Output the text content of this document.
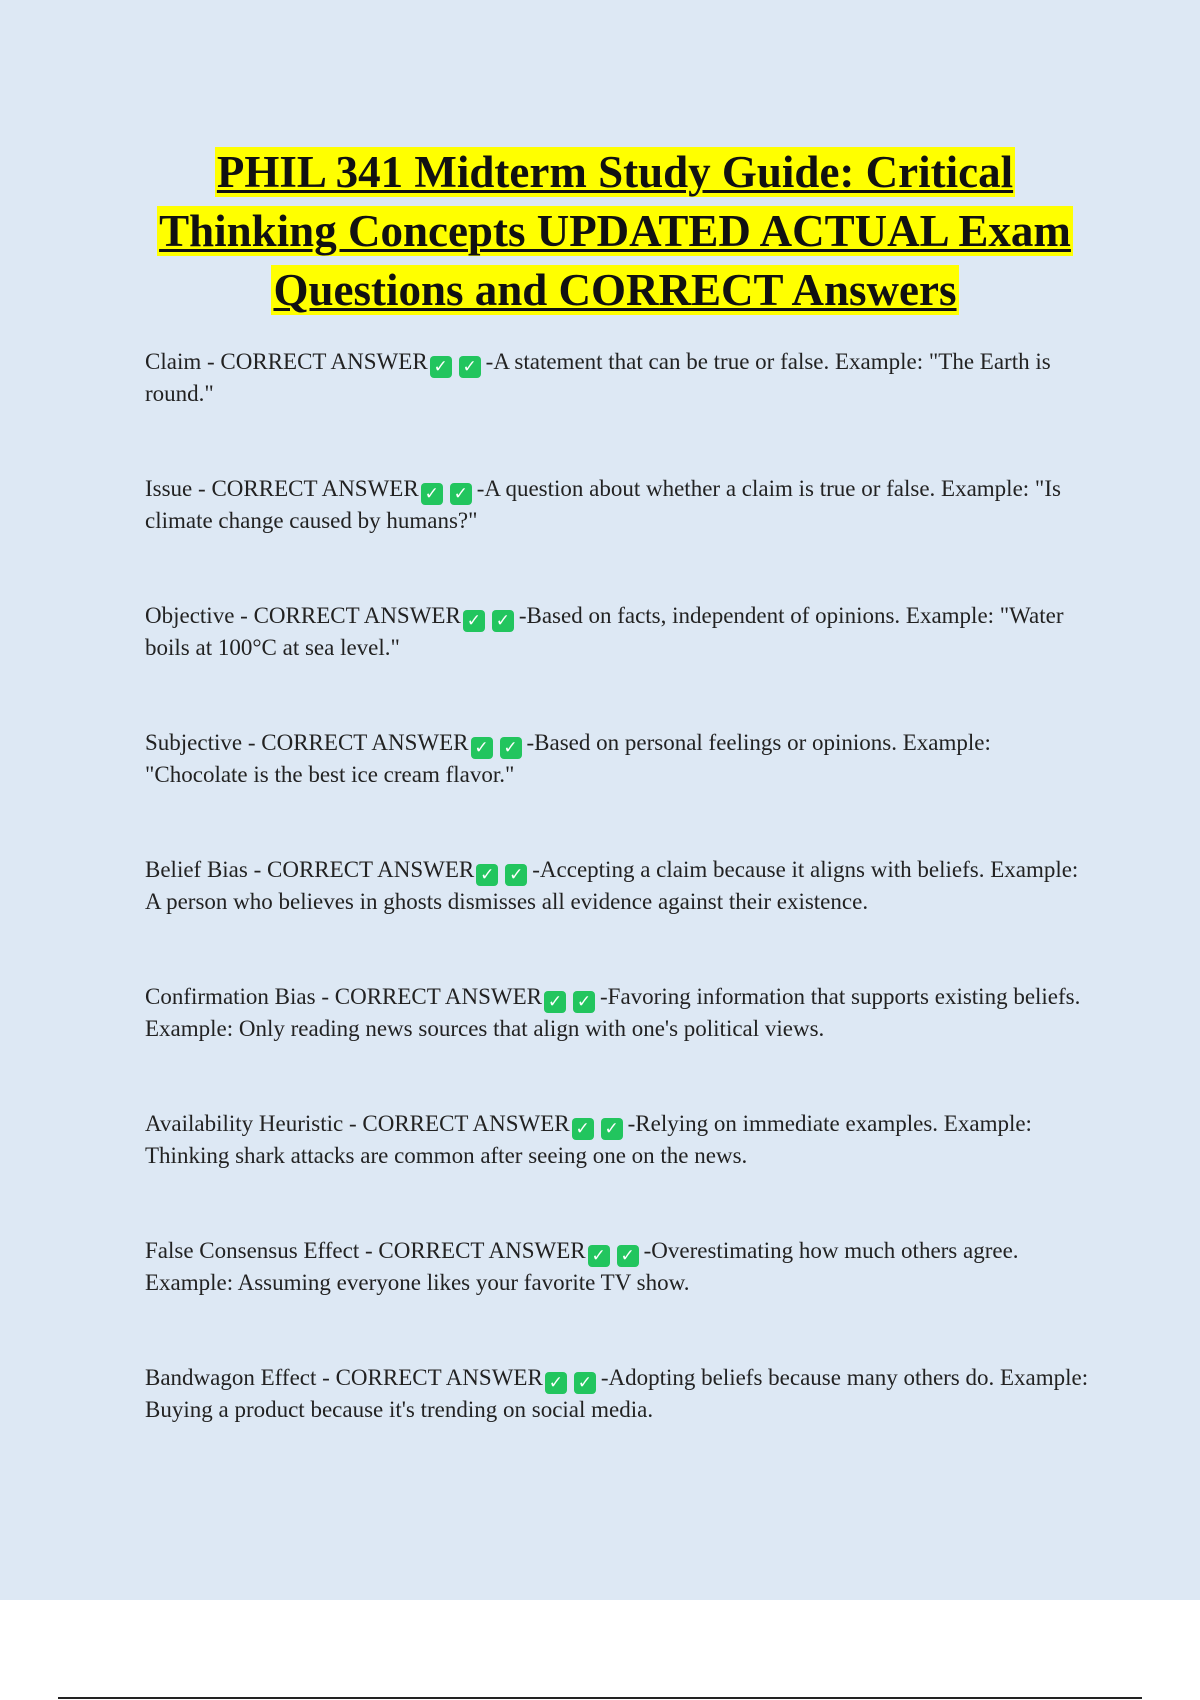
PHIL 341 Midterm Study Guide: Critical Thinking Concepts UPDATED ACTUAL Exam Questions and CORRECT Answers
Claim - CORRECT ANSWER ✓ ✓	-A statement that can be true or false. Example: "The Earth is round."
Issue - CORRECT ANSWER ✓ ✓	-A question about whether a claim is true or false. Example: "Is climate change caused by humans?"
Objective - CORRECT ANSWER ✓ ✓	-Based on facts, independent of opinions. Example: "Water boils at 100°C at sea level."
Subjective - CORRECT ANSWER ✓ ✓	-Based on personal feelings or opinions. Example: "Chocolate is the best ice cream flavor."
Belief Bias - CORRECT ANSWER ✓ ✓	-Accepting a claim because it aligns with beliefs. Example: A person who believes in ghosts dismisses all evidence against their existence.
Confirmation Bias - CORRECT ANSWER ✓ ✓	-Favoring information that supports existing beliefs. Example: Only reading news sources that align with one's political views.
Availability Heuristic - CORRECT ANSWER ✓ ✓	-Relying on immediate examples. Example: Thinking shark attacks are common after seeing one on the news.
False Consensus Effect - CORRECT ANSWER ✓ ✓	-Overestimating how much others agree. Example: Assuming everyone likes your favorite TV show.
Bandwagon Effect - CORRECT ANSWER ✓ ✓	-Adopting beliefs because many others do. Example: Buying a product because it's trending on social media.
